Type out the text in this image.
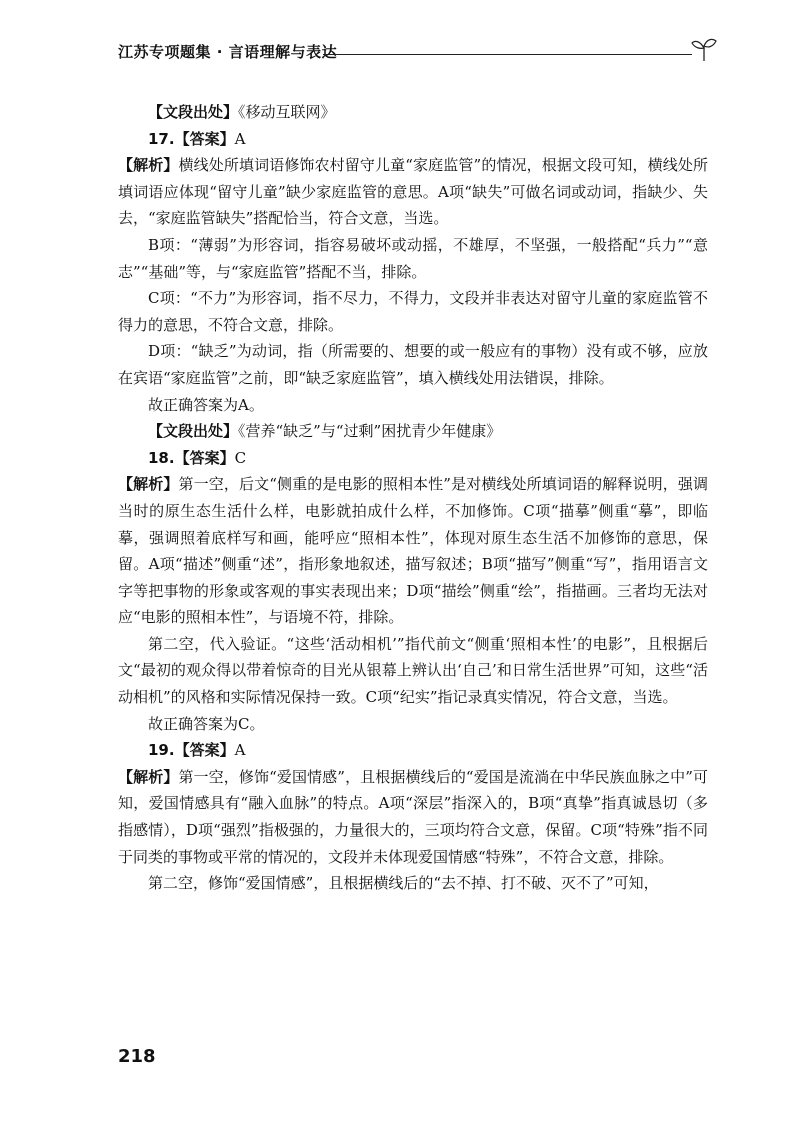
江苏专项题集 · 言语理解与表达

【文段出处】《移动互联网》

17.【答案】A

【解析】横线处所填词语修饰农村留守儿童“家庭监管”的情况，根据文段可知，横线处所填词语应体现“留守儿童”缺少家庭监管的意思。A项“缺失”可做名词或动词，指缺少、失去，“家庭监管缺失”搭配恰当，符合文意，当选。

B项：“薄弱”为形容词，指容易破坏或动摇，不雄厚，不坚强，一般搭配“兵力”“意志”“基础”等，与“家庭监管”搭配不当，排除。

C项：“不力”为形容词，指不尽力，不得力，文段并非表达对留守儿童的家庭监管不得力的意思，不符合文意，排除。

D项：“缺乏”为动词，指（所需要的、想要的或一般应有的事物）没有或不够，应放在宾语“家庭监管”之前，即“缺乏家庭监管”，填入横线处用法错误，排除。

故正确答案为A。

【文段出处】《营养“缺乏”与“过剩”困扰青少年健康》

18.【答案】C

【解析】第一空，后文“侧重的是电影的照相本性”是对横线处所填词语的解释说明，强调当时的原生态生活什么样，电影就拍成什么样，不加修饰。C项“描摹”侧重“摹”，即临摹，强调照着底样写和画，能呼应“照相本性”，体现对原生态生活不加修饰的意思，保留。A项“描述”侧重“述”，指形象地叙述，描写叙述；B项“描写”侧重“写”，指用语言文字等把事物的形象或客观的事实表现出来；D项“描绘”侧重“绘”，指描画。三者均无法对应“电影的照相本性”，与语境不符，排除。

第二空，代入验证。“这些‘活动相机’”指代前文“侧重‘照相本性’的电影”，且根据后文“最初的观众得以带着惊奇的目光从银幕上辨认出‘自己’和日常生活世界”可知，这些“活动相机”的风格和实际情况保持一致。C项“纪实”指记录真实情况，符合文意，当选。

故正确答案为C。

19.【答案】A

【解析】第一空，修饰“爱国情感”，且根据横线后的“爱国是流淌在中华民族血脉之中”可知，爱国情感具有“融入血脉”的特点。A项“深层”指深入的，B项“真挚”指真诚恳切（多指感情），D项“强烈”指极强的，力量很大的，三项均符合文意，保留。C项“特殊”指不同于同类的事物或平常的情况的，文段并未体现爱国情感“特殊”，不符合文意，排除。

第二空，修饰“爱国情感”，且根据横线后的“去不掉、打不破、灭不了”可知，

218
